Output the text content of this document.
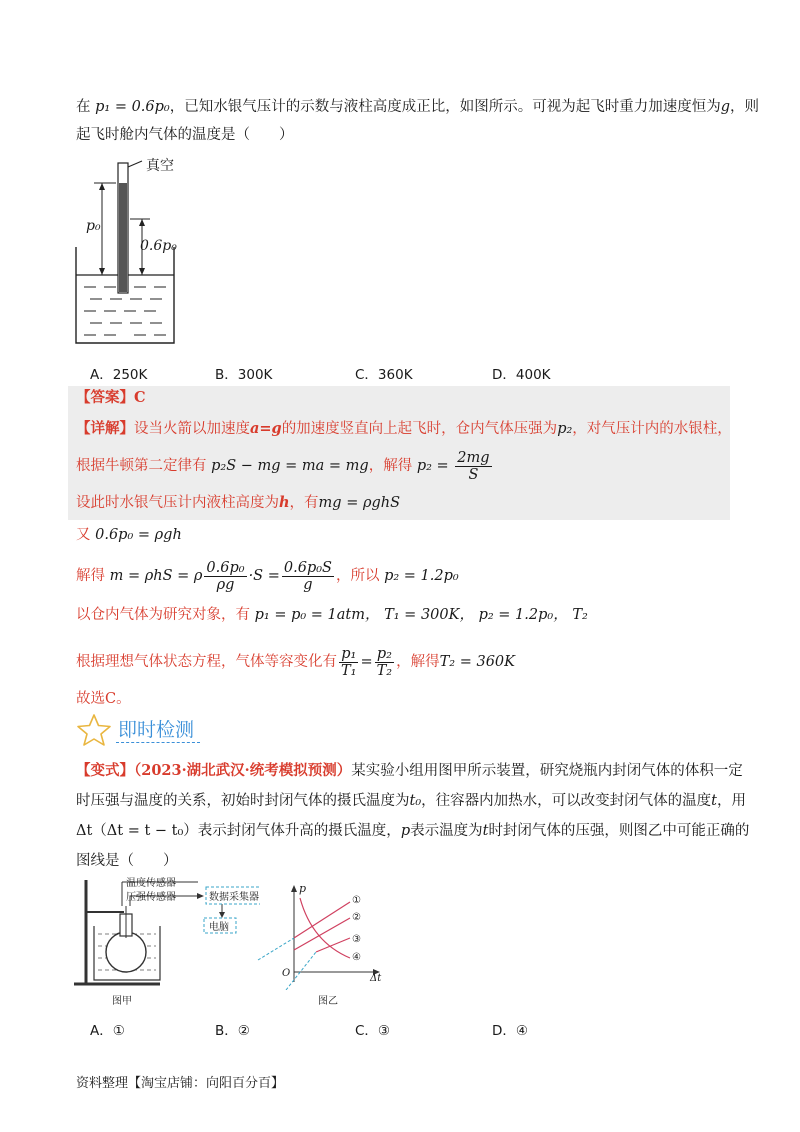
在 p₁ = 0.6p₀，已知水银气压计的示数与液柱高度成正比，如图所示。可视为起飞时重力加速度恒为g，则
起飞时舱内气体的温度是（　　）
真空
p₀
0.6p₀
A．250K	B．300K	C．360K	D．400K
【答案】C
【详解】设当火箭以加速度a=g的加速度竖直向上起飞时，仓内气体压强为p₂，对气压计内的水银柱，
根据牛顿第二定律有 p₂S − mg = ma = mg，解得 $p_2 = \frac{2mg}{S}$
设此时水银气压计内液柱高度为h，有mg = ρghS
又 0.6p₀ = ρgh
解得 m = ρhS = ρ $\frac{\text{0.6p₀}}{\rho g} \cdot S = \frac{\text{0.6p₀S}}{g}$ ，所以 p₂ = 1.2p₀
以仓内气体为研究对象，有 p₁ = p₀ = 1atm， T₁ = 300K， p₂ = 1.2p₀， T₂
根据理想气体状态方程，气体等容变化有 $\frac{\text{p₁}}{\text{T₁}} = \frac{\text{p₂}}{\text{T₂}}$ ，解得T₂ = 360K
故选C。
即时检测
【变式】（2023·湖北武汉·统考模拟预测）某实验小组用图甲所示装置，研究烧瓶内封闭气体的体积一定
时压强与温度的关系，初始时封闭气体的摄氏温度为t₀，往容器内加热水，可以改变封闭气体的温度t，用
Δt（Δt = t − t₀）表示封闭气体升高的摄氏温度，p表示温度为t时封闭气体的压强，则图乙中可能正确的
图线是（　　）
温度传感器
压强传感器	数据采集器
电脑
图甲
p
Δt
O
①
②
③
④
图乙
A．①	B．②	C．③	D．④
资料整理【淘宝店铺：向阳百分百】
